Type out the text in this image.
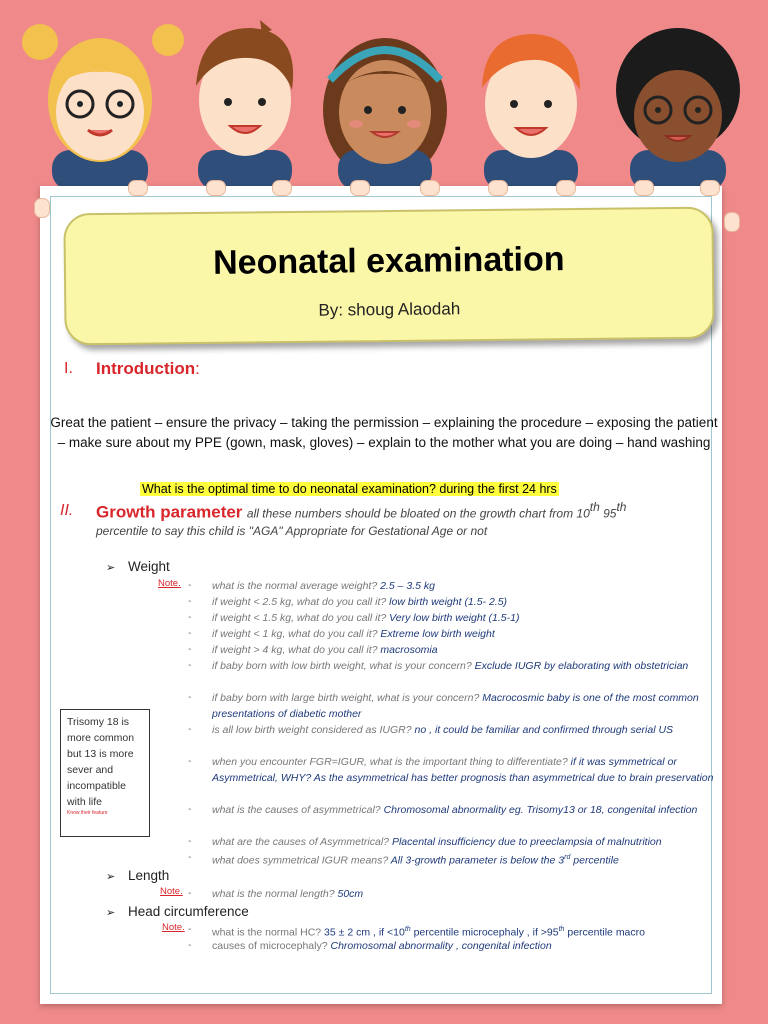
Neonatal examination
By: shoug Alaodah
I. Introduction:
Great the patient – ensure the privacy – taking the permission – explaining the procedure – exposing the patient – make sure about my PPE (gown, mask, gloves) – explain to the mother what you are doing – hand washing
What is the optimal time to do neonatal examination? during the first 24 hrs
II. Growth parameter all these numbers should be bloated on the growth chart from 10th 95th
percentile to say this child is "AGA" Appropriate for Gestational Age or not
➢ Weight
Note. - what is the normal average weight? 2.5 – 3.5 kg
- if weight < 2.5 kg, what do you call it? low birth weight (1.5- 2.5)
- if weight < 1.5 kg, what do you call it? Very low birth weight (1.5-1)
- if weight < 1 kg, what do you call it? Extreme low birth weight
- if weight > 4 kg, what do you call it? macrosomia
- if baby born with low birth weight, what is your concern? Exclude IUGR by elaborating with obstetrician
- if baby born with large birth weight, what is your concern? Macrocosmic baby is one of the most common presentations of diabetic mother
- is all low birth weight considered as IUGR? no , it could be familiar and confirmed through serial US
- when you encounter FGR=IGUR, what is the important thing to differentiate? if it was symmetrical or Asymmetrical, WHY? As the asymmetrical has better prognosis than asymmetrical due to brain preservation
- what is the causes of asymmetrical? Chromosomal abnormality eg. Trisomy13 or 18, congenital infection
- what are the causes of Asymmetrical? Placental insufficiency due to preeclampsia of malnutrition
- what does symmetrical IGUR means? All 3-growth parameter is below the 3rd percentile
Trisomy 18 is more common but 13 is more sever and incompatible with life
Know their feature
➢ Length
Note. - what is the normal length? 50cm
➢ Head circumference
Note. - what is the normal HC? 35 ± 2 cm , if <10th percentile microcephaly , if >95th percentile macro
- causes of microcephaly? Chromosomal abnormality , congenital infection
